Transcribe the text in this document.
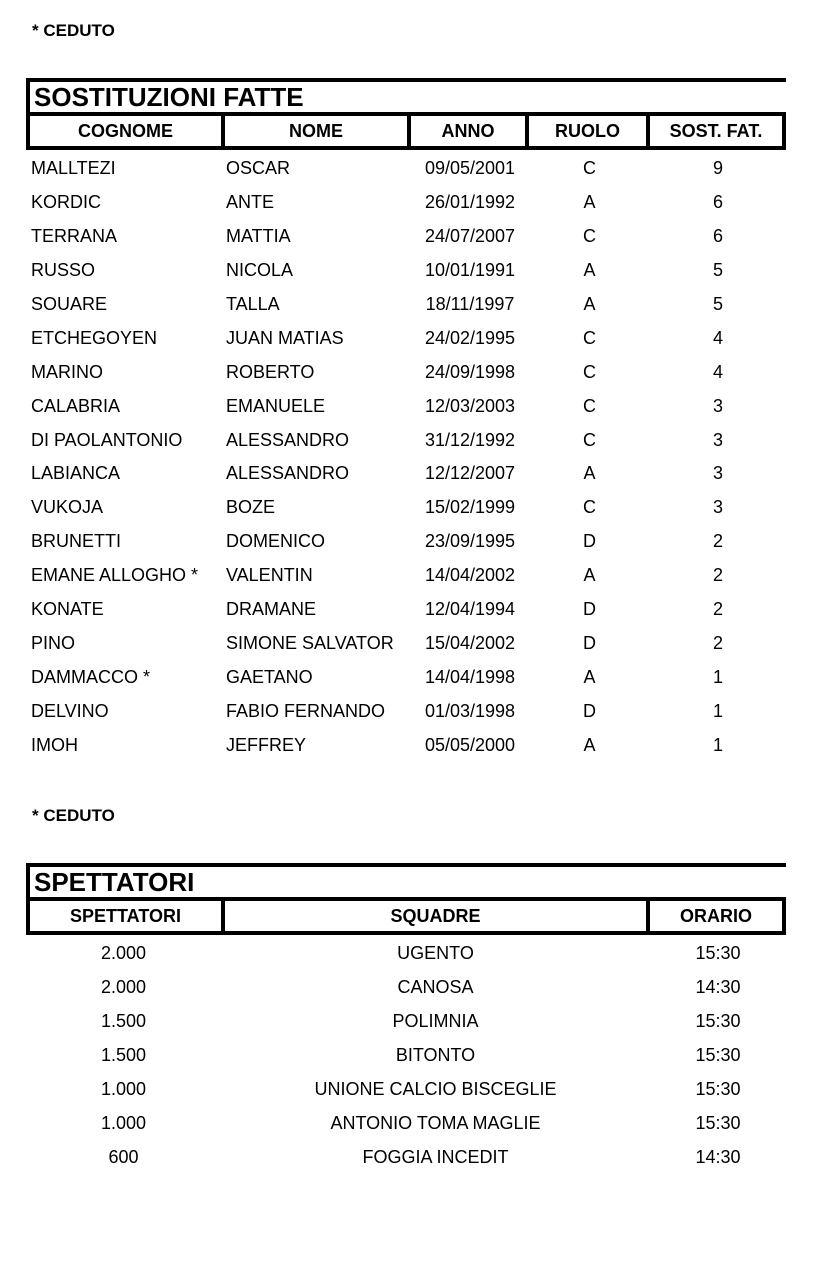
* CEDUTO
SOSTITUZIONI FATTE
COGNOME	NOME	ANNO	RUOLO	SOST. FAT.
MALLTEZI	OSCAR	09/05/2001	C	9
KORDIC	ANTE	26/01/1992	A	6
TERRANA	MATTIA	24/07/2007	C	6
RUSSO	NICOLA	10/01/1991	A	5
SOUARE	TALLA	18/11/1997	A	5
ETCHEGOYEN	JUAN MATIAS	24/02/1995	C	4
MARINO	ROBERTO	24/09/1998	C	4
CALABRIA	EMANUELE	12/03/2003	C	3
DI PAOLANTONIO	ALESSANDRO	31/12/1992	C	3
LABIANCA	ALESSANDRO	12/12/2007	A	3
VUKOJA	BOZE	15/02/1999	C	3
BRUNETTI	DOMENICO	23/09/1995	D	2
EMANE ALLOGHO *	VALENTIN	14/04/2002	A	2
KONATE	DRAMANE	12/04/1994	D	2
PINO	SIMONE SALVATOR	15/04/2002	D	2
DAMMACCO *	GAETANO	14/04/1998	A	1
DELVINO	FABIO FERNANDO	01/03/1998	D	1
IMOH	JEFFREY	05/05/2000	A	1
* CEDUTO
SPETTATORI
SPETTATORI	SQUADRE	ORARIO
2.000	UGENTO	15:30
2.000	CANOSA	14:30
1.500	POLIMNIA	15:30
1.500	BITONTO	15:30
1.000	UNIONE CALCIO BISCEGLIE	15:30
1.000	ANTONIO TOMA MAGLIE	15:30
600	FOGGIA INCEDIT	14:30
